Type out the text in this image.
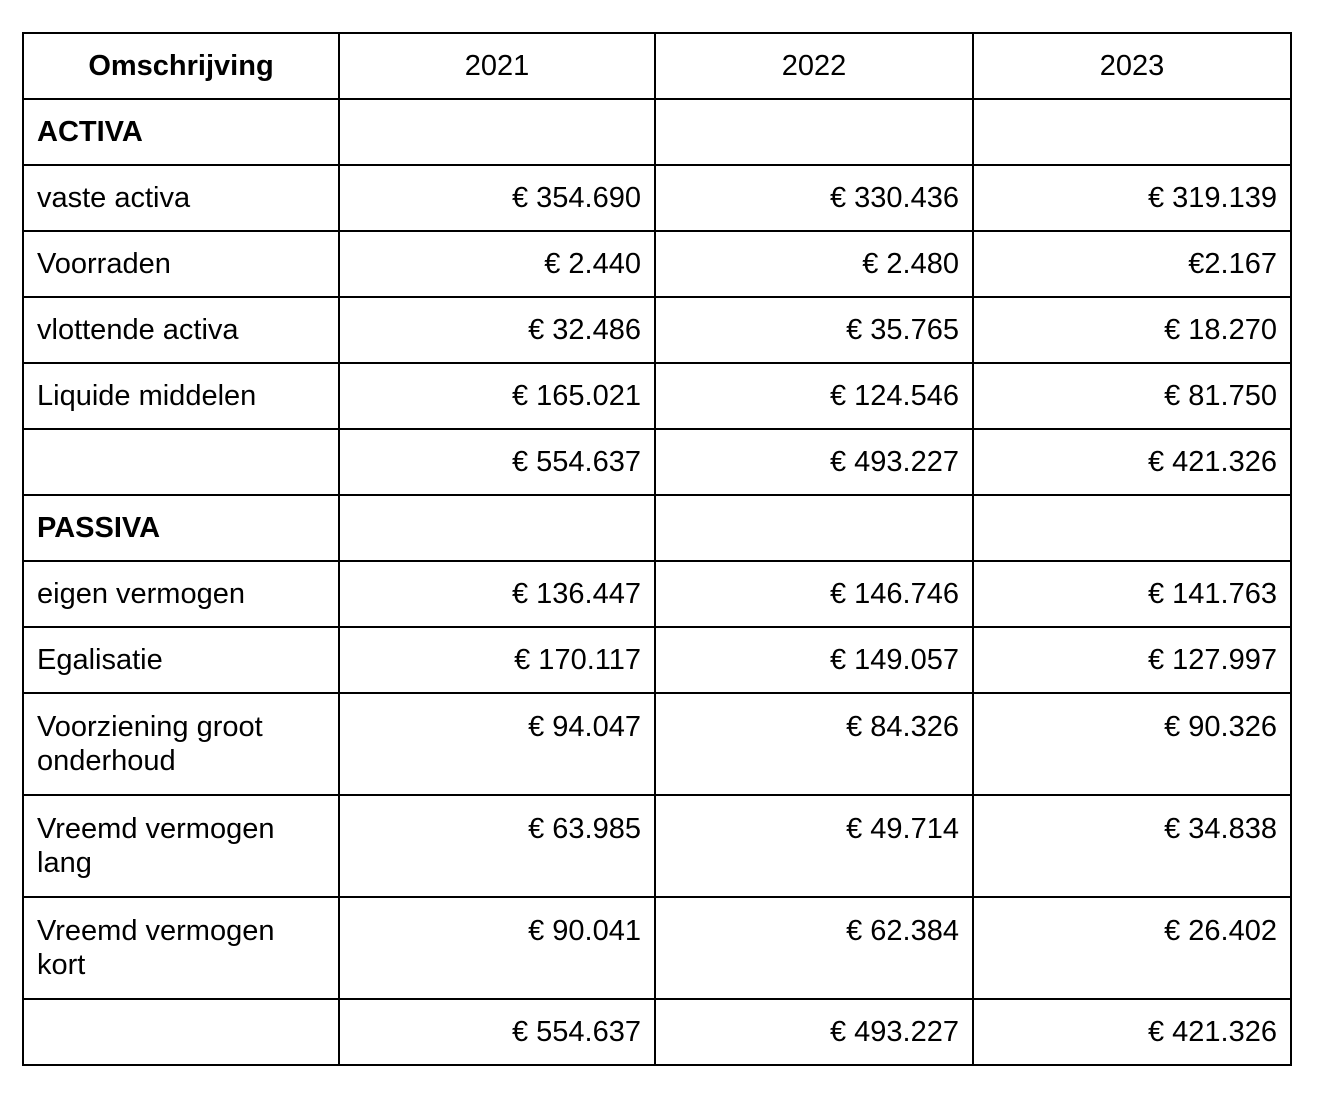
Omschrijving	2021	2022	2023
ACTIVA			
vaste activa	€ 354.690	€ 330.436	€ 319.139
Voorraden	€ 2.440	€ 2.480	€2.167
vlottende activa	€ 32.486	€ 35.765	€ 18.270
Liquide middelen	€ 165.021	€ 124.546	€ 81.750
	€ 554.637	€ 493.227	€ 421.326
PASSIVA			
eigen vermogen	€ 136.447	€ 146.746	€ 141.763
Egalisatie	€ 170.117	€ 149.057	€ 127.997
Voorziening groot onderhoud	€ 94.047	€ 84.326	€ 90.326
Vreemd vermogen lang	€ 63.985	€ 49.714	€ 34.838
Vreemd vermogen kort	€ 90.041	€ 62.384	€ 26.402
	€ 554.637	€ 493.227	€ 421.326
